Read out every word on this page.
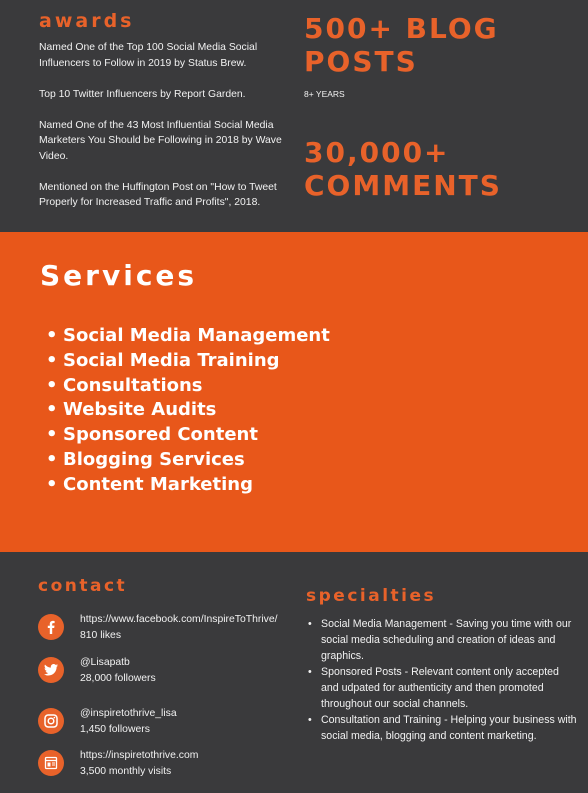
awards

Named One of the Top 100 Social Media Social Influencers to Follow in 2019 by Status Brew.

Top 10 Twitter Influencers by Report Garden.

Named One of the 43 Most Influential Social Media Marketers You Should be Following in 2018 by Wave Video.

Mentioned on the Huffington Post on "How to Tweet Properly for Increased Traffic and Profits", 2018.

500+ BLOG POSTS
8+ YEARS
30,000+ COMMENTS
Services
• Social Media Management
• Social Media Training
• Consultations
• Website Audits
• Sponsored Content
• Blogging Services
• Content Marketing
contact
https://www.facebook.com/InspireToThrive/
810 likes
@Lisapatb
28,000 followers
@inspiretothrive_lisa
1,450 followers
https://inspiretothrive.com
3,500 monthly visits
specialties
• Social Media Management - Saving you time with our social media scheduling and creation of ideas and graphics.
• Sponsored Posts - Relevant content only accepted and udpated for authenticity and then promoted throughout our social channels.
• Consultation and Training - Helping your business with social media, blogging and content marketing.
